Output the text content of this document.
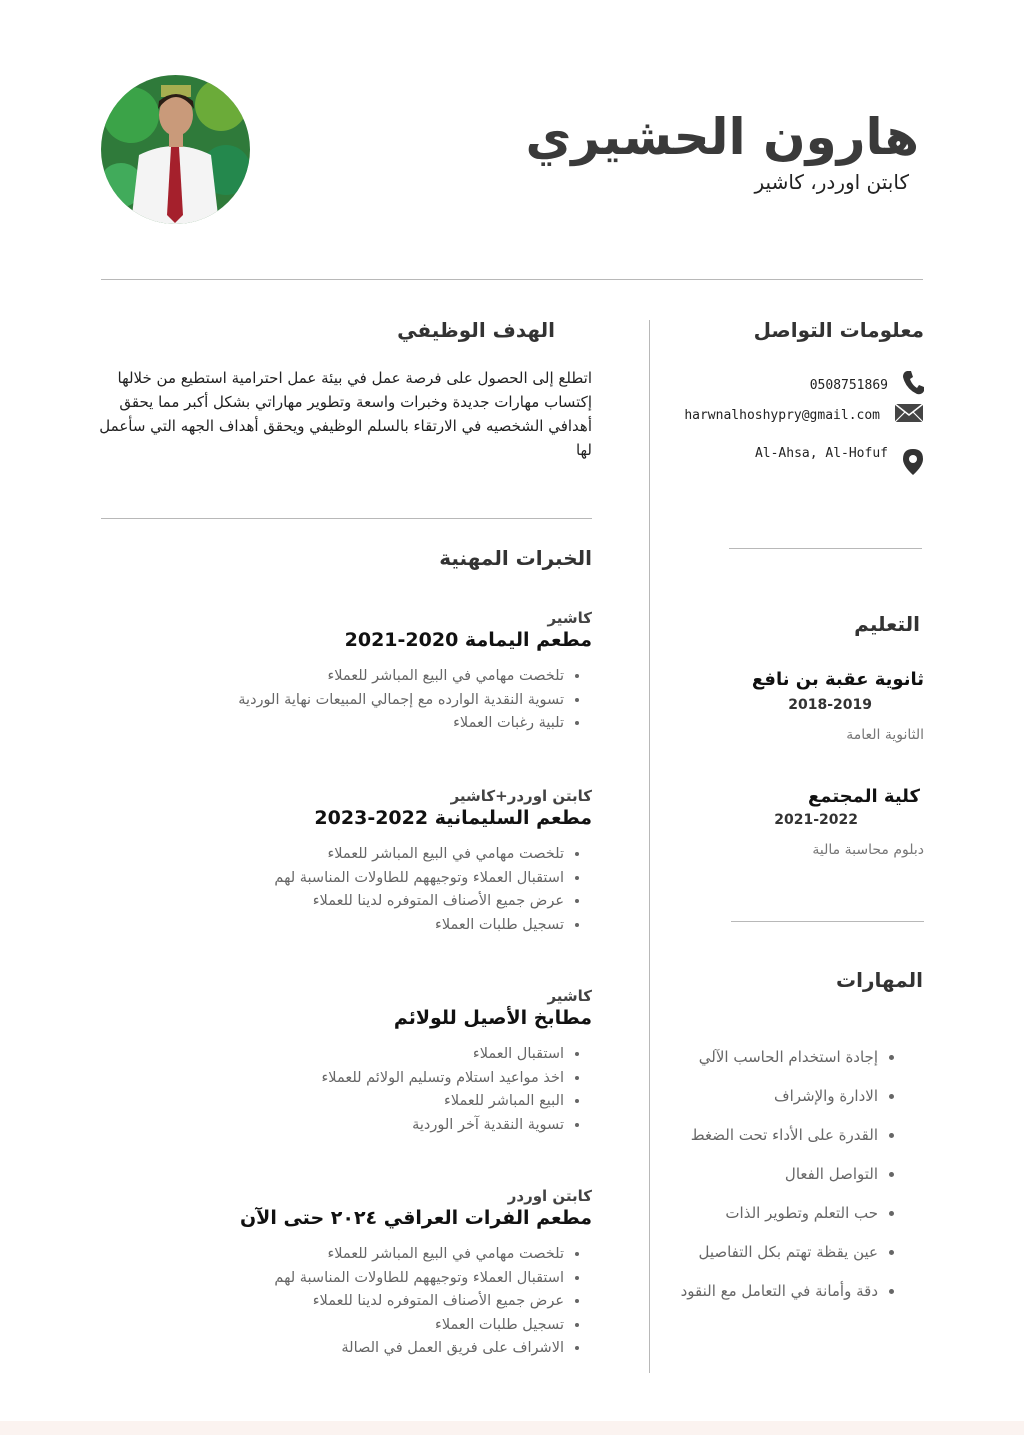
هارون الحشيري
كابتن اوردر، كاشير
معلومات التواصل
0508751869
harwnalhoshypry@gmail.com
Al-Ahsa, Al-Hofuf
التعليم
ثانوية عقبة بن نافع
2018-2019
الثانوية العامة
كلية المجتمع
2021-2022
دبلوم محاسبة مالية
المهارات
• إجادة استخدام الحاسب الآلي
• الادارة والإشراف
• القدرة على الأداء تحت الضغط
• التواصل الفعال
• حب التعلم وتطوير الذات
• عين يقظة تهتم بكل التفاصيل
• دقة وأمانة في التعامل مع النقود
الهدف الوظيفي
اتطلع إلى الحصول على فرصة عمل في بيئة عمل احترامية استطيع من خلالها إكتساب مهارات جديدة وخبرات واسعة وتطوير مهاراتي بشكل أكبر مما يحقق أهدافي الشخصيه في الارتقاء بالسلم الوظيفي ويحقق أهداف الجهه التي سأعمل لها
الخبرات المهنية
كاشير
مطعم اليمامة 2020-2021
• تلخصت مهامي في البيع المباشر للعملاء
• تسوية النقدية الوارده مع إجمالي المبيعات نهاية الوردية
• تلبية رغبات العملاء
كابتن اوردر+كاشير
مطعم السليمانية 2022-2023
• تلخصت مهامي في البيع المباشر للعملاء
• استقبال العملاء وتوجيههم للطاولات المناسبة لهم
• عرض جميع الأصناف المتوفره لدينا للعملاء
• تسجيل طلبات العملاء
كاشير
مطابخ الأصيل للولائم
• استقبال العملاء
• اخذ مواعيد استلام وتسليم الولائم للعملاء
• البيع المباشر للعملاء
• تسوية النقدية آخر الوردية
كابتن اوردر
مطعم الفرات العراقي ٢٠٢٤ حتى الآن
• تلخصت مهامي في البيع المباشر للعملاء
• استقبال العملاء وتوجيههم للطاولات المناسبة لهم
• عرض جميع الأصناف المتوفره لدينا للعملاء
• تسجيل طلبات العملاء
• الاشراف على فريق العمل في الصالة
